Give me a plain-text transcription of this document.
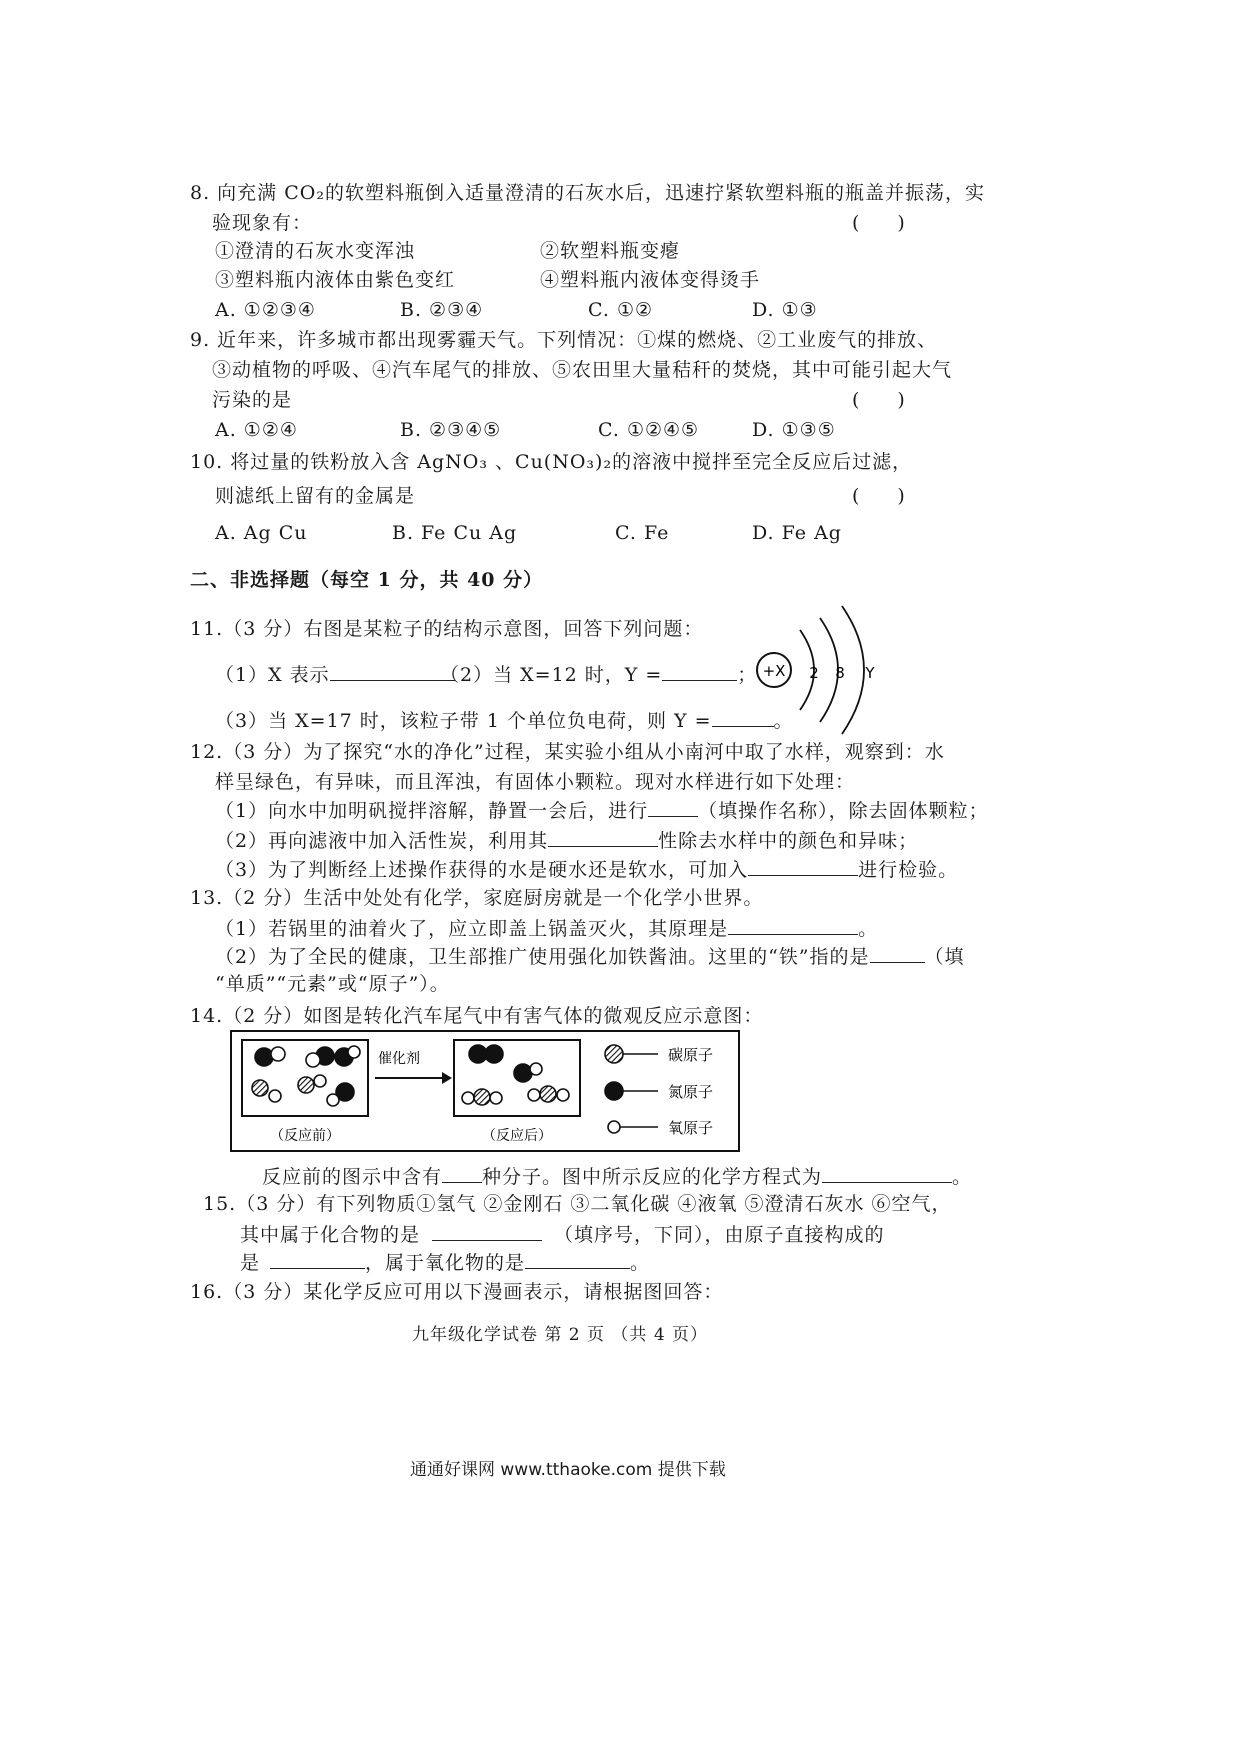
8. 向充满 CO₂的软塑料瓶倒入适量澄清的石灰水后，迅速拧紧软塑料瓶的瓶盖并振荡，实
验现象有：	(　　)
①澄清的石灰水变浑浊	②软塑料瓶变瘪
③塑料瓶内液体由紫色变红	④塑料瓶内液体变得烫手
A. ①②③④	B. ②③④	C. ①②	D. ①③
9. 近年来，许多城市都出现雾霾天气。下列情况：①煤的燃烧、②工业废气的排放、
③动植物的呼吸、④汽车尾气的排放、⑤农田里大量秸秆的焚烧，其中可能引起大气
污染的是	(　　)
A. ①②④	B. ②③④⑤	C. ①②④⑤	D. ①③⑤
10. 将过量的铁粉放入含 AgNO₃ 、Cu(NO₃)₂的溶液中搅拌至完全反应后过滤，
则滤纸上留有的金属是	(　　)
A. Ag Cu	B. Fe Cu Ag	C. Fe	D. Fe Ag
二、非选择题（每空 1 分，共 40 分）
11.（3 分）右图是某粒子的结构示意图，回答下列问题：
（1）X 表示	（2）当 X=12 时，Y =	；
（3）当 X=17 时，该粒子带 1 个单位负电荷，则 Y =	。
+X 2 8 Y
12.（3 分）为了探究“水的净化”过程，某实验小组从小南河中取了水样，观察到：水
样呈绿色，有异味，而且浑浊，有固体小颗粒。现对水样进行如下处理：
（1）向水中加明矾搅拌溶解，静置一会后，进行	（填操作名称），除去固体颗粒；
（2）再向滤液中加入活性炭，利用其	性除去水样中的颜色和异味；
（3）为了判断经上述操作获得的水是硬水还是软水，可加入	进行检验。
13.（2 分）生活中处处有化学，家庭厨房就是一个化学小世界。
（1）若锅里的油着火了，应立即盖上锅盖灭火，其原理是	。
（2）为了全民的健康，卫生部推广使用强化加铁酱油。这里的“铁”指的是	（填
“单质”“元素”或“原子”）。
14.（2 分）如图是转化汽车尾气中有害气体的微观反应示意图：
催化剂
（反应前）	（反应后）
碳原子
氮原子
氧原子
反应前的图示中含有 种分子。图中所示反应的化学方程式为	。
15.（3 分）有下列物质①氢气 ②金刚石 ③二氧化碳 ④液氧 ⑤澄清石灰水 ⑥空气，
其中属于化合物的是	（填序号，下同），由原子直接构成的
是	，属于氧化物的是	。
16.（3 分）某化学反应可用以下漫画表示，请根据图回答：
九年级化学试卷 第 2 页 （共 4 页）
通通好课网 www.tthaoke.com 提供下载
